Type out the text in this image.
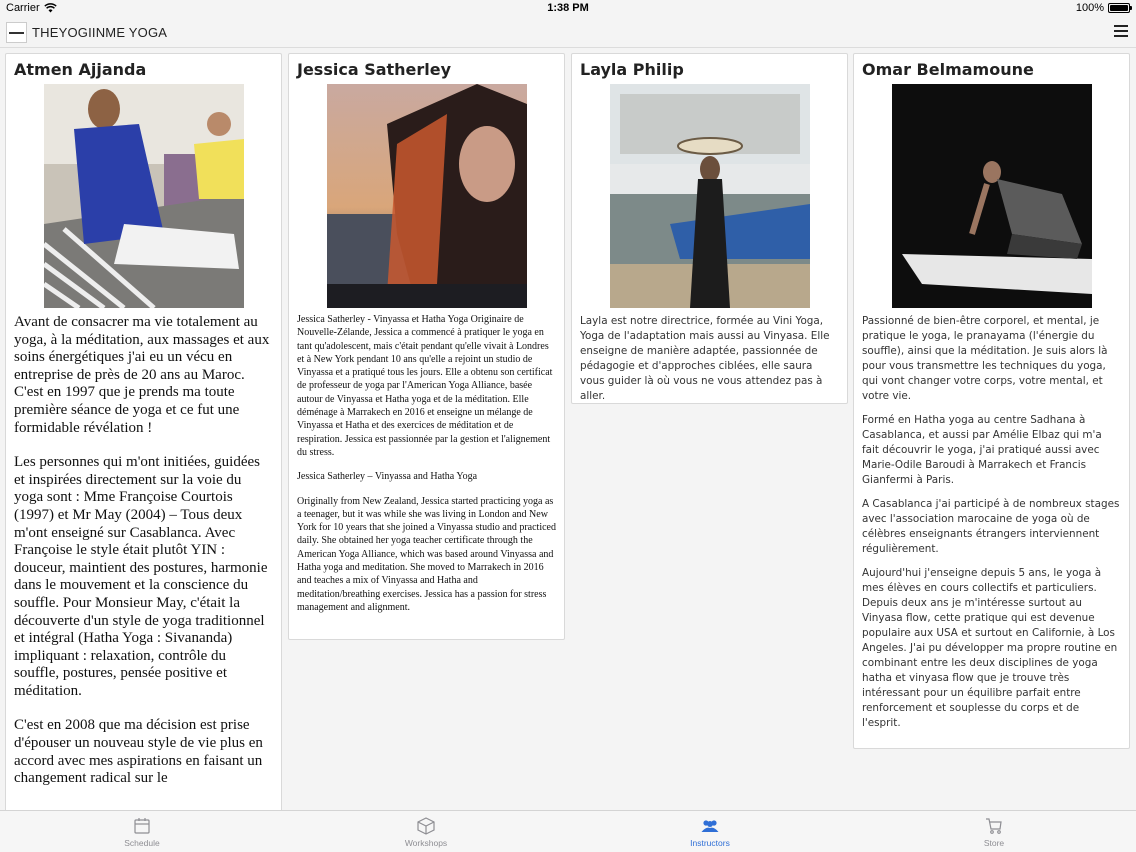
Carrier	1:38 PM	100%
THEYOGIINME YOGA
Atmen Ajjanda

Avant de consacrer ma vie totalement au yoga, à la méditation, aux massages et aux soins énergétiques j'ai eu un vécu en entreprise de près de 20 ans au Maroc. C'est en 1997 que je prends ma toute première séance de yoga et ce fut une formidable révélation !

Les personnes qui m'ont initiées, guidées et inspirées directement sur la voie du yoga sont : Mme Françoise Courtois (1997) et Mr May (2004) – Tous deux m'ont enseigné sur Casablanca. Avec Françoise le style était plutôt YIN : douceur, maintient des postures, harmonie dans le mouvement et la conscience du souffle. Pour Monsieur May, c'était la découverte d'un style de yoga traditionnel et intégral (Hatha Yoga : Sivananda) impliquant : relaxation, contrôle du souffle, postures, pensée positive et méditation.

C'est en 2008 que ma décision est prise d'épouser un nouveau style de vie plus en accord avec mes aspirations en faisant un changement radical sur le

Jessica Satherley

Jessica Satherley - Vinyassa et Hatha Yoga Originaire de Nouvelle-Zélande, Jessica a commencé à pratiquer le yoga en tant qu'adolescent, mais c'était pendant qu'elle vivait à Londres et à New York pendant 10 ans qu'elle a rejoint un studio de Vinyassa et a pratiqué tous les jours. Elle a obtenu son certificat de professeur de yoga par l'American Yoga Alliance, basée autour de Vinyassa et Hatha yoga et de la méditation. Elle déménage à Marrakech en 2016 et enseigne un mélange de Vinyassa et Hatha et des exercices de méditation et de respiration. Jessica est passionnée par la gestion et l'alignement du stress.

Jessica Satherley – Vinyassa and Hatha Yoga

Originally from New Zealand, Jessica started practicing yoga as a teenager, but it was while she was living in London and New York for 10 years that she joined a Vinyassa studio and practiced daily. She obtained her yoga teacher certificate through the American Yoga Alliance, which was based around Vinyassa and Hatha yoga and meditation. She moved to Marrakech in 2016 and teaches a mix of Vinyassa and Hatha and meditation/breathing exercises. Jessica has a passion for stress management and alignment.

Layla Philip

Layla est notre directrice, formée au Vini Yoga, Yoga de l'adaptation mais aussi au Vinyasa. Elle enseigne de manière adaptée, passionnée de pédagogie et d'approches ciblées, elle saura vous guider là où vous ne vous attendez pas à aller.

Omar Belmamoune

Passionné de bien-être corporel, et mental, je pratique le yoga, le pranayama (l'énergie du souffle), ainsi que la méditation. Je suis alors là pour vous transmettre les techniques du yoga, qui vont changer votre corps, votre mental, et votre vie.

Formé en Hatha yoga au centre Sadhana à Casablanca, et aussi par Amélie Elbaz qui m'a fait découvrir le yoga, j'ai pratiqué aussi avec Marie-Odile Baroudi à Marrakech et Francis Gianfermi à Paris.

A Casablanca j'ai participé à de nombreux stages avec l'association marocaine de yoga où de célèbres enseignants étrangers interviennent régulièrement.

Aujourd'hui j'enseigne depuis 5 ans, le yoga à mes élèves en cours collectifs et particuliers. Depuis deux ans je m'intéresse surtout au Vinyasa flow, cette pratique qui est devenue populaire aux USA et surtout en Californie, à Los Angeles. J'ai pu développer ma propre routine en combinant entre les deux disciplines de yoga hatha et vinyasa flow que je trouve très intéressant pour un équilibre parfait entre renforcement et souplesse du corps et de l'esprit.

Schedule	Workshops	Instructors	Store
